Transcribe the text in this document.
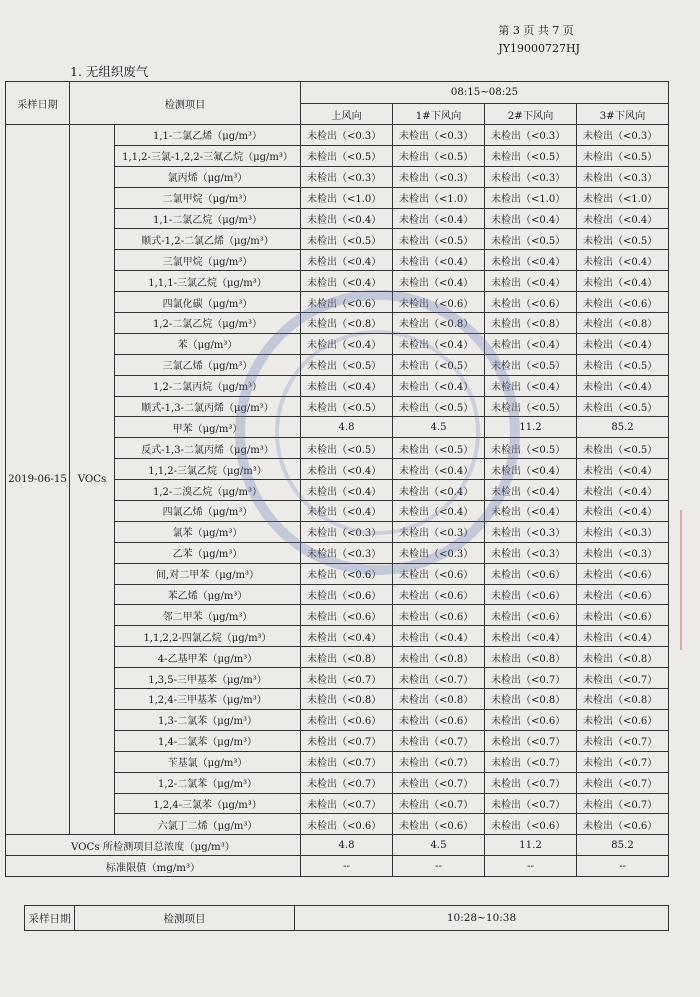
第 3 页 共 7 页
JY19000727HJ
1. 无组织废气
采样日期	检测项目		08:15~08:25			
			上风向	1#下风向	2#下风向	3#下风向
2019-06-15	VOCs	1,1-二氯乙烯（μg/m³）	未检出（<0.3）	未检出（<0.3）	未检出（<0.3）	未检出（<0.3）
		1,1,2-三氯-1,2,2-三氟乙烷（μg/m³）	未检出（<0.5）	未检出（<0.5）	未检出（<0.5）	未检出（<0.5）
		氯丙烯（μg/m³）	未检出（<0.3）	未检出（<0.3）	未检出（<0.3）	未检出（<0.3）
		二氯甲烷（μg/m³）	未检出（<1.0）	未检出（<1.0）	未检出（<1.0）	未检出（<1.0）
		1,1-二氯乙烷（μg/m³）	未检出（<0.4）	未检出（<0.4）	未检出（<0.4）	未检出（<0.4）
		顺式-1,2-二氯乙烯（μg/m³）	未检出（<0.5）	未检出（<0.5）	未检出（<0.5）	未检出（<0.5）
		三氯甲烷（μg/m³）	未检出（<0.4）	未检出（<0.4）	未检出（<0.4）	未检出（<0.4）
		1,1,1-三氯乙烷（μg/m³）	未检出（<0.4）	未检出（<0.4）	未检出（<0.4）	未检出（<0.4）
		四氯化碳（μg/m³）	未检出（<0.6）	未检出（<0.6）	未检出（<0.6）	未检出（<0.6）
		1,2-二氯乙烷（μg/m³）	未检出（<0.8）	未检出（<0.8）	未检出（<0.8）	未检出（<0.8）
		苯（μg/m³）	未检出（<0.4）	未检出（<0.4）	未检出（<0.4）	未检出（<0.4）
		三氯乙烯（μg/m³）	未检出（<0.5）	未检出（<0.5）	未检出（<0.5）	未检出（<0.5）
		1,2-二氯丙烷（μg/m³）	未检出（<0.4）	未检出（<0.4）	未检出（<0.4）	未检出（<0.4）
		顺式-1,3-二氯丙烯（μg/m³）	未检出（<0.5）	未检出（<0.5）	未检出（<0.5）	未检出（<0.5）
		甲苯（μg/m³）	4.8	4.5	11.2	85.2
		反式-1,3-二氯丙烯（μg/m³）	未检出（<0.5）	未检出（<0.5）	未检出（<0.5）	未检出（<0.5）
		1,1,2-三氯乙烷（μg/m³）	未检出（<0.4）	未检出（<0.4）	未检出（<0.4）	未检出（<0.4）
		1,2-二溴乙烷（μg/m³）	未检出（<0.4）	未检出（<0.4）	未检出（<0.4）	未检出（<0.4）
		四氯乙烯（μg/m³）	未检出（<0.4）	未检出（<0.4）	未检出（<0.4）	未检出（<0.4）
		氯苯（μg/m³）	未检出（<0.3）	未检出（<0.3）	未检出（<0.3）	未检出（<0.3）
		乙苯（μg/m³）	未检出（<0.3）	未检出（<0.3）	未检出（<0.3）	未检出（<0.3）
		间,对二甲苯（μg/m³）	未检出（<0.6）	未检出（<0.6）	未检出（<0.6）	未检出（<0.6）
		苯乙烯（μg/m³）	未检出（<0.6）	未检出（<0.6）	未检出（<0.6）	未检出（<0.6）
		邻二甲苯（μg/m³）	未检出（<0.6）	未检出（<0.6）	未检出（<0.6）	未检出（<0.6）
		1,1,2,2-四氯乙烷（μg/m³）	未检出（<0.4）	未检出（<0.4）	未检出（<0.4）	未检出（<0.4）
		4-乙基甲苯（μg/m³）	未检出（<0.8）	未检出（<0.8）	未检出（<0.8）	未检出（<0.8）
		1,3,5-三甲基苯（μg/m³）	未检出（<0.7）	未检出（<0.7）	未检出（<0.7）	未检出（<0.7）
		1,2,4-三甲基苯（μg/m³）	未检出（<0.8）	未检出（<0.8）	未检出（<0.8）	未检出（<0.8）
		1,3-二氯苯（μg/m³）	未检出（<0.6）	未检出（<0.6）	未检出（<0.6）	未检出（<0.6）
		1,4-二氯苯（μg/m³）	未检出（<0.7）	未检出（<0.7）	未检出（<0.7）	未检出（<0.7）
		苄基氯（μg/m³）	未检出（<0.7）	未检出（<0.7）	未检出（<0.7）	未检出（<0.7）
		1,2-二氯苯（μg/m³）	未检出（<0.7）	未检出（<0.7）	未检出（<0.7）	未检出（<0.7）
		1,2,4-三氯苯（μg/m³）	未检出（<0.7）	未检出（<0.7）	未检出（<0.7）	未检出（<0.7）
		六氯丁二烯（μg/m³）	未检出（<0.6）	未检出（<0.6）	未检出（<0.6）	未检出（<0.6）
VOCs 所检测项目总浓度（μg/m³）			4.8	4.5	11.2	85.2
标准限值（mg/m³）			--	--	--	--
采样日期	检测项目	10:28~10:38
